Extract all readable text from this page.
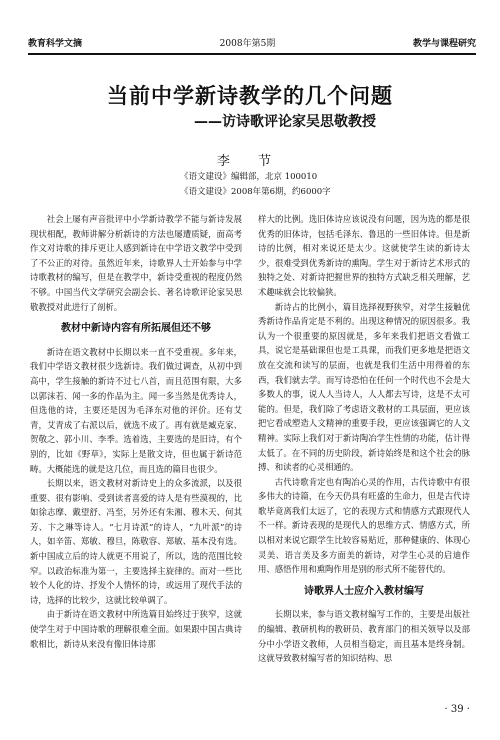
教育科学文摘	2008年第5期	教学与课程研究
当前中学新诗教学的几个问题
——访诗歌评论家吴思敬教授
李 节
《语文建设》编辑部，北京 100010
《语文建设》2008年第6期，约6000字

社会上屡有声音批评中小学新诗教学不能与新诗发展现状相配，教师讲解分析新诗的方法也屡遭质疑，面高考作文对诗歌的排斥更让人感到新诗在中学语文教学中受到了不公正的对待。虽然近年来，诗歌界人士开始参与中学诗歌教材的编写，但是在教学中，新诗受重视的程度仍然不够。中国当代文学研究会副会长、著名诗歌评论家吴思敬教授对此进行了剖析。

教材中新诗内容有所拓展但还不够

新诗在语文教材中长期以来一直不受重视。多年来，我们中学语文教材很少选新诗。我们做过调查，从初中到高中，学生接触的新诗不过七八首，而且范围有限，大多以郭沫若、闻一多的作品为主。闻一多当然是优秀诗人，但选他的诗，主要还是因为毛泽东对他的评价。还有艾青，艾青成了右派以后，就选不成了。再有就是臧克家、贺敬之、郭小川、李季。选着选，主要选的是旧诗，有个别的，比如《野草》，实际上是散文诗，但也属于新诗范畴。大概能选的就是这几位，而且选的篇目也很少。

长期以来，语文教材对新诗史上的众多流派，以及很重要、很有影响、受到读者喜爱的诗人是有些漠视的，比如徐志摩、戴望舒、冯至，另外还有朱湘、穆木天、何其芳、卞之琳等诗人。“七月诗派”的诗人，“九叶派”的诗人，如辛笛、郑敏、穆旦，陈敬容、郑敏、基本没有选。新中国成立后的诗人就更不用说了，所以，选的范围比较窄。以政治标准为第一，主要选择主旋律的。而对一些比较个人化的诗、抒发个人情怀的诗，或远用了现代手法的诗，选择的比较少，这就比较单调了。

由于新诗在语文教材中所选篇目始终过于狭窄，这就使学生对于中国诗歌的理解很难全面。如果跟中国古典诗歌相比，新诗从来没有像旧体诗那

样大的比例。选旧体诗应该说没有问题，因为选的都是很优秀的旧体诗，包括毛泽东、鲁迅的一些旧体诗。但是新诗的比例，相对来说还是太少。这就使学生读的新诗太少，很难受到优秀新诗的熏陶。学生对于新诗艺术形式的独特之处、对新诗把握世界的独特方式缺乏相关理解，艺术趣味就会比较偏狭。

新诗占的比例小，篇目选择视野狭窄，对学生接触优秀新诗作品肯定是不利的。出现这种情况的原因很多。我认为一个很重要的原因就是，多年来我们把语文看做工具，说它是基础课但也是工具课，而我们更多地是把语文放在交流和读写的层面，也就是我们生活中用得着的东西，我们就去学。而写诗恐怕在任何一个时代也不会是大多数人的事，说人人当诗人，人人都去写诗，这是不太可能的。但是，我们除了考虑语文教材的工具层面，更应该把它看成塑造人文精神的重要手段，更应该强调它的人文精神。实际上我们对于新诗陶冶学生性情的功能，估计得太低了。在不同的历史阶段，新诗始终是和这个社会的脉搏、和读者的心灵相通的。

古代诗歌肯定也有陶冶心灵的作用，古代诗歌中有很多伟大的诗篇，在今天仍具有旺盛的生命力，但是古代诗歌毕竟离我们太远了，它的表现方式和情感方式跟现代人不一样。新诗表现的是现代人的思维方式、情感方式，所以相对来说它跟学生比较容易贴近，那种健康的、体现心灵美、语言美及多方面美的新诗，对学生心灵的启迪作用、感悟作用和熏陶作用是别的形式所不能替代的。

诗歌界人士应介入教材编写

长期以来，参与语文教材编写工作的，主要是出版社的编辑、教研机构的教研员、教育部门的相关领导以及部分中小学语文教师，人员相当稳定，而且基本是终身制。这就导致教材编写者的知识结构、思

· 39 ·
